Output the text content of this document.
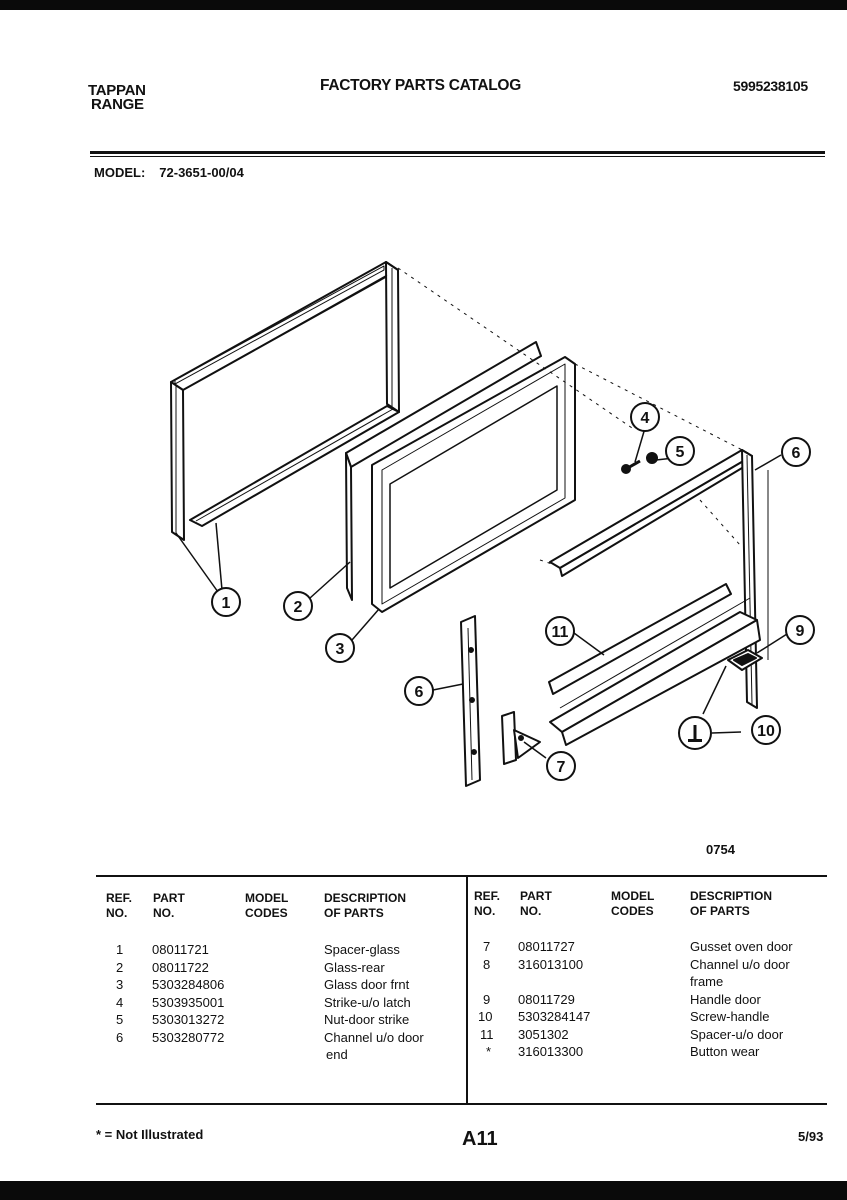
TAPPAN
RANGE
FACTORY PARTS CATALOG	5995238105
MODEL: 72-3651-00/04
1	2
3
4
5	6
6
7
9
10
11
0754
REF.
NO.
PART
NO.
MODEL
CODES
DESCRIPTION
OF PARTS
REF.
NO.
PART
NO.
MODEL
CODES
DESCRIPTION
OF PARTS
1 08011721	Spacer-glass
2 08011722	Glass-rear
3 5303284806	Glass door frnt
4 5303935001	Strike-u/o latch
5 5303013272	Nut-door strike
6 5303280772	Channel u/o door
end
7 08011727	Gusset oven door
8 316013100	Channel u/o door
frame
9 08011729	Handle door
10 5303284147	Screw-handle
11 3051302	Spacer-u/o door
* 316013300	Button wear
* = Not Illustrated	A11	5/93
